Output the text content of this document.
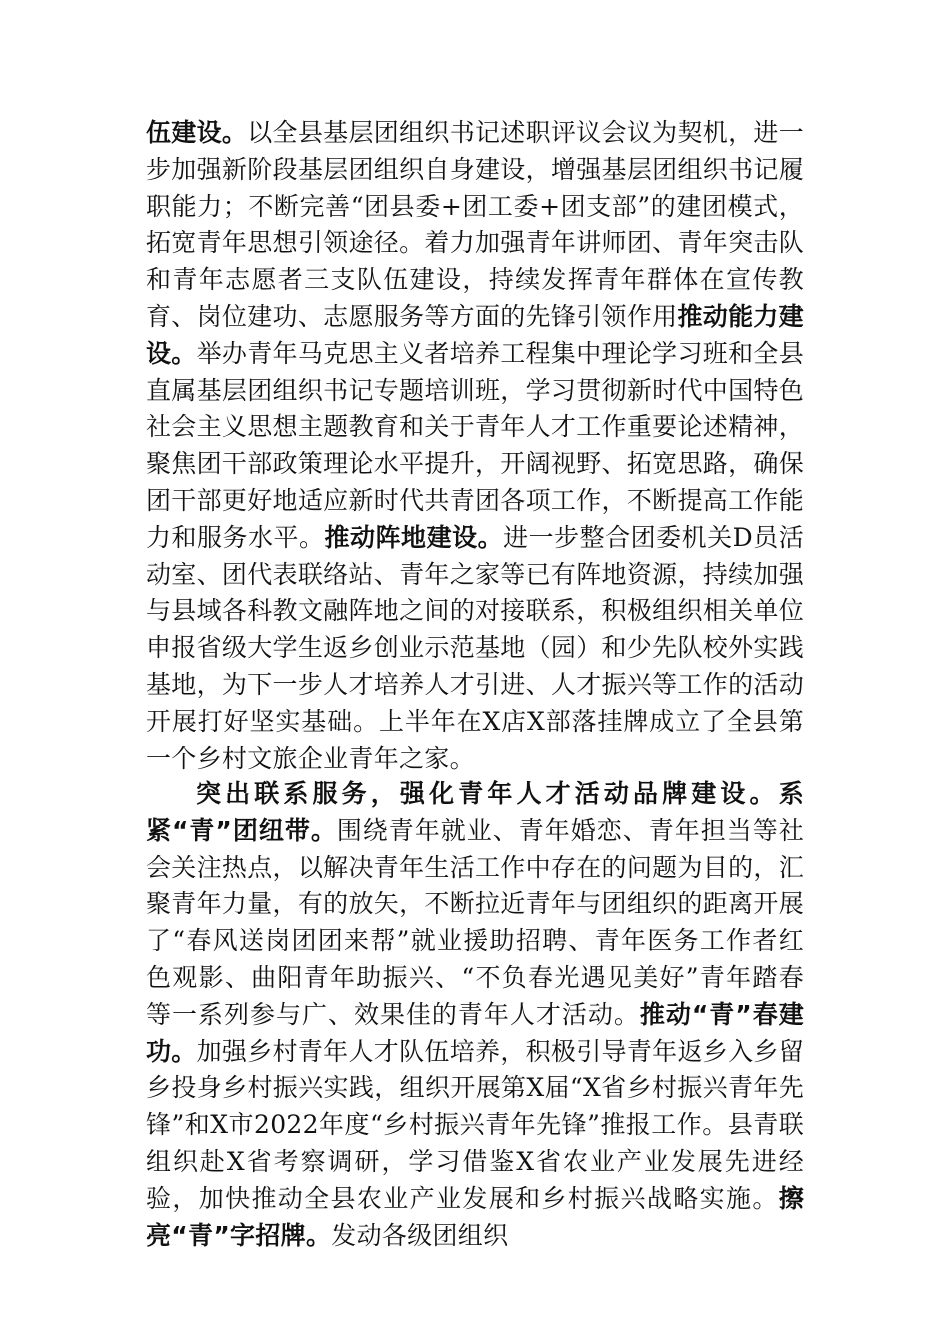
伍建设。以全县基层团组织书记述职评议会议为契机，进一步加强新阶段基层团组织自身建设，增强基层团组织书记履职能力；不断完善“团县委+团工委+团支部”的建团模式，拓宽青年思想引领途径。着力加强青年讲师团、青年突击队和青年志愿者三支队伍建设，持续发挥青年群体在宣传教育、岗位建功、志愿服务等方面的先锋引领作用推动能力建设。举办青年马克思主义者培养工程集中理论学习班和全县直属基层团组织书记专题培训班，学习贯彻新时代中国特色社会主义思想主题教育和关于青年人才工作重要论述精神，聚焦团干部政策理论水平提升，开阔视野、拓宽思路，确保团干部更好地适应新时代共青团各项工作，不断提高工作能力和服务水平。推动阵地建设。进一步整合团委机关D员活动室、团代表联络站、青年之家等已有阵地资源，持续加强与县域各科教文融阵地之间的对接联系，积极组织相关单位申报省级大学生返乡创业示范基地（园）和少先队校外实践基地，为下一步人才培养人才引进、人才振兴等工作的活动开展打好坚实基础。上半年在X店X部落挂牌成立了全县第一个乡村文旅企业青年之家。

突出联系服务，强化青年人才活动品牌建设。系紧“青”团纽带。围绕青年就业、青年婚恋、青年担当等社会关注热点，以解决青年生活工作中存在的问题为目的，汇聚青年力量，有的放矢，不断拉近青年与团组织的距离开展了“春风送岗团团来帮”就业援助招聘、青年医务工作者红色观影、曲阳青年助振兴、“不负春光遇见美好”青年踏春等一系列参与广、效果佳的青年人才活动。推动“青”春建功。加强乡村青年人才队伍培养，积极引导青年返乡入乡留乡投身乡村振兴实践，组织开展第X届“X省乡村振兴青年先锋”和X市2022年度“乡村振兴青年先锋”推报工作。县青联组织赴X省考察调研，学习借鉴X省农业产业发展先进经验，加快推动全县农业产业发展和乡村振兴战略实施。擦亮“青”字招牌。发动各级团组织
